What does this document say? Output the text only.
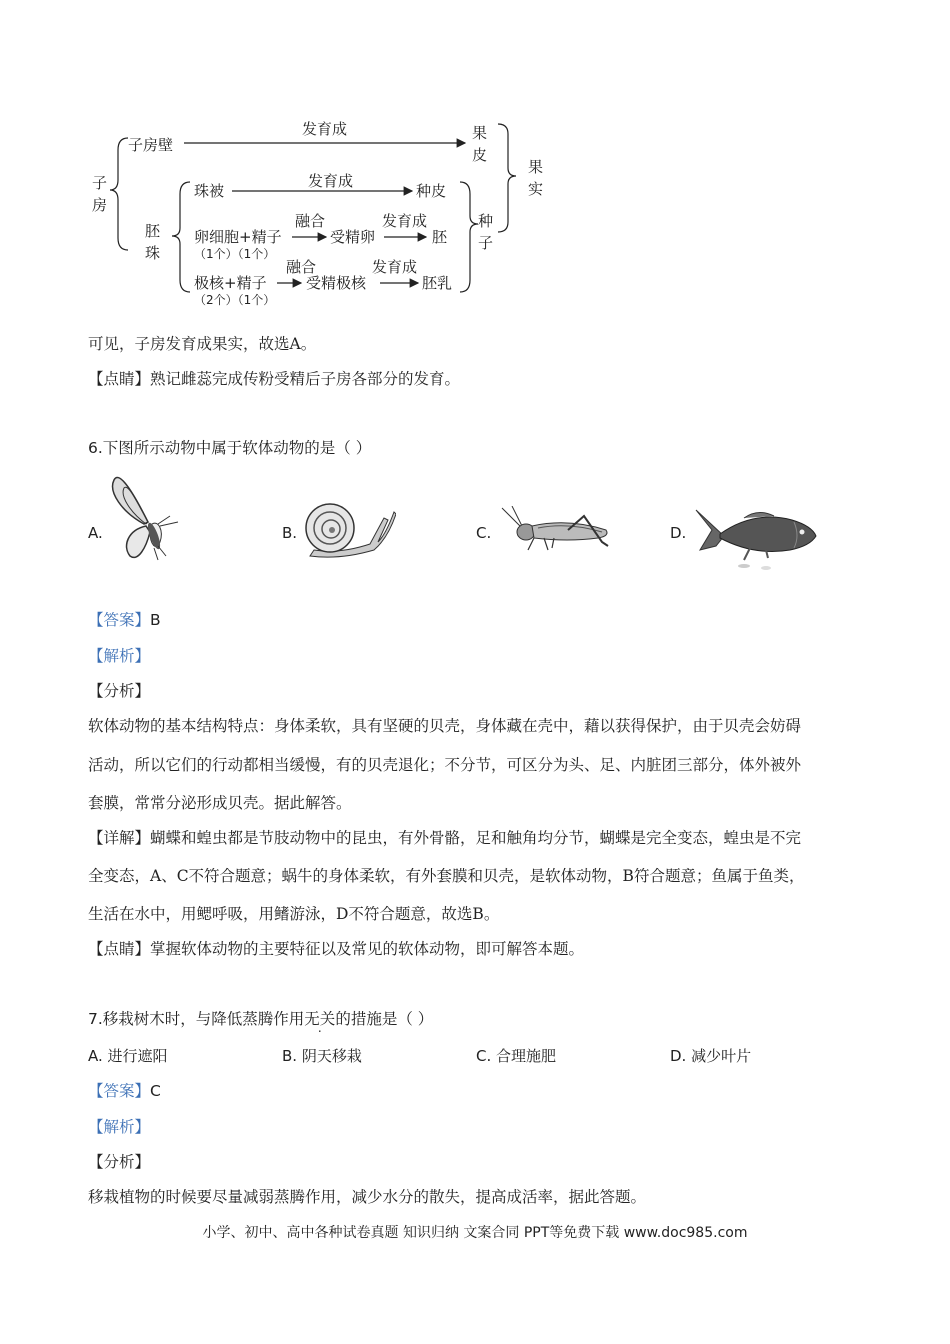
子
房
子房壁
发育成	果
皮
果
实
胚
珠
珠被
发育成
种皮
卵细胞+精子
（1个）（1个）
融合
受精卵
发育成
胚
种
子
极核+精子
（2个）（1个）
融合
受精极核
发育成
胚乳
可见，子房发育成果实，故选A。
【点睛】熟记雌蕊完成传粉受精后子房各部分的发育。
6.下图所示动物中属于软体动物的是（ ）
A.	B.	C.	D.
【答案】B
【解析】
【分析】
软体动物的基本结构特点：身体柔软，具有坚硬的贝壳，身体藏在壳中，藉以获得保护，由于贝壳会妨碍
活动，所以它们的行动都相当缓慢，有的贝壳退化；不分节，可区分为头、足、内脏团三部分，体外被外
套膜，常常分泌形成贝壳。据此解答。
【详解】蝴蝶和蝗虫都是节肢动物中的昆虫，有外骨骼，足和触角均分节，蝴蝶是完全变态，蝗虫是不完
全变态，A、C不符合题意；蜗牛的身体柔软，有外套膜和贝壳，是软体动物，B符合题意；鱼属于鱼类，
生活在水中，用鳃呼吸，用鳍游泳，D不符合题意，故选B。
【点睛】掌握软体动物的主要特征以及常见的软体动物，即可解答本题。
7.移栽树木时，与降低蒸腾作用无关的措施是（ ）
A. 进行遮阳	B. 阴天移栽	C. 合理施肥	D. 减少叶片
【答案】C
【解析】
【分析】
移栽植物的时候要尽量减弱蒸腾作用，减少水分的散失，提高成活率，据此答题。
小学、初中、高中各种试卷真题 知识归纳 文案合同 PPT等免费下载 www.doc985.com
